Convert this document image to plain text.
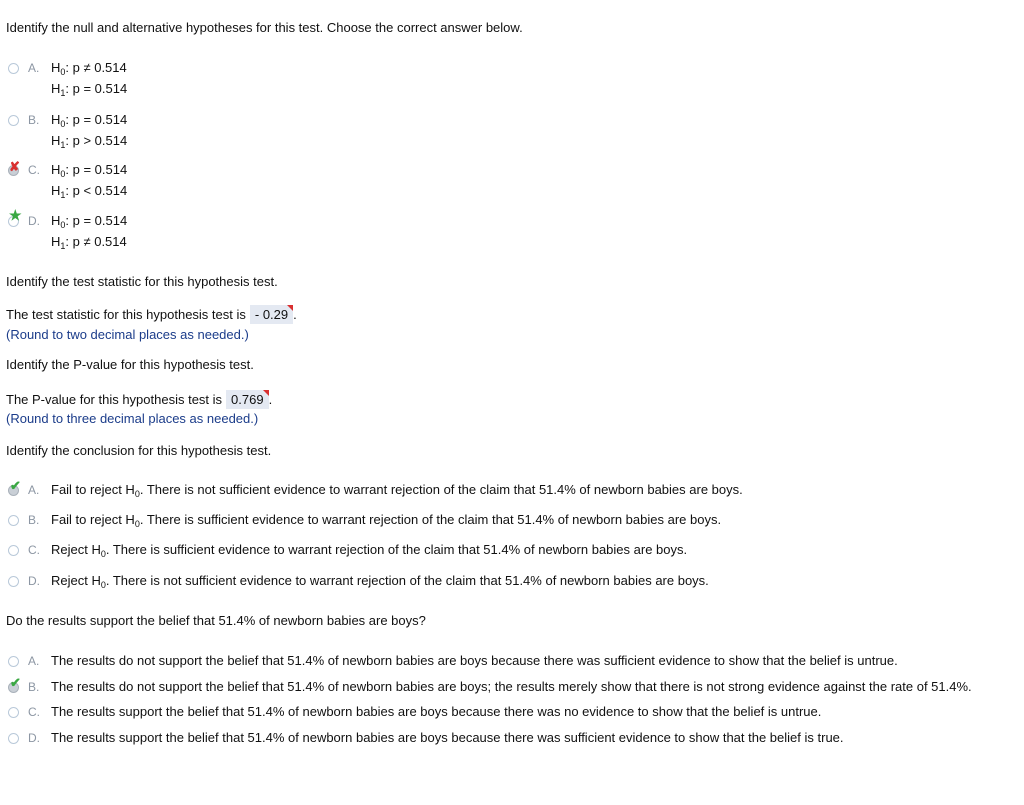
Identify the null and alternative hypotheses for this test. Choose the correct answer below.
A. $H_0$: p ≠ 0.514
$H_1$: p = 0.514
B. $H_0$: p = 0.514
$H_1$: p > 0.514
✘ C. $H_0$: p = 0.514
$H_1$: p < 0.514
★ D. $H_0$: p = 0.514
$H_1$: p ≠ 0.514
Identify the test statistic for this hypothesis test.
The test statistic for this hypothesis test is - 0.29 .
(Round to two decimal places as needed.)
Identify the P-value for this hypothesis test.
The P-value for this hypothesis test is 0.769 .
(Round to three decimal places as needed.)
Identify the conclusion for this hypothesis test.
✔ A. Fail to reject $H_0$. There is not sufficient evidence to warrant rejection of the claim that 51.4% of newborn babies are boys.
B. Fail to reject $H_0$. There is sufficient evidence to warrant rejection of the claim that 51.4% of newborn babies are boys.
C. Reject $H_0$. There is sufficient evidence to warrant rejection of the claim that 51.4% of newborn babies are boys.
D. Reject $H_0$. There is not sufficient evidence to warrant rejection of the claim that 51.4% of newborn babies are boys.
Do the results support the belief that 51.4% of newborn babies are boys?
A. The results do not support the belief that 51.4% of newborn babies are boys because there was sufficient evidence to show that the belief is untrue.
✔ B. The results do not support the belief that 51.4% of newborn babies are boys; the results merely show that there is not strong evidence against the rate of 51.4%.
C. The results support the belief that 51.4% of newborn babies are boys because there was no evidence to show that the belief is untrue.
D. The results support the belief that 51.4% of newborn babies are boys because there was sufficient evidence to show that the belief is true.
